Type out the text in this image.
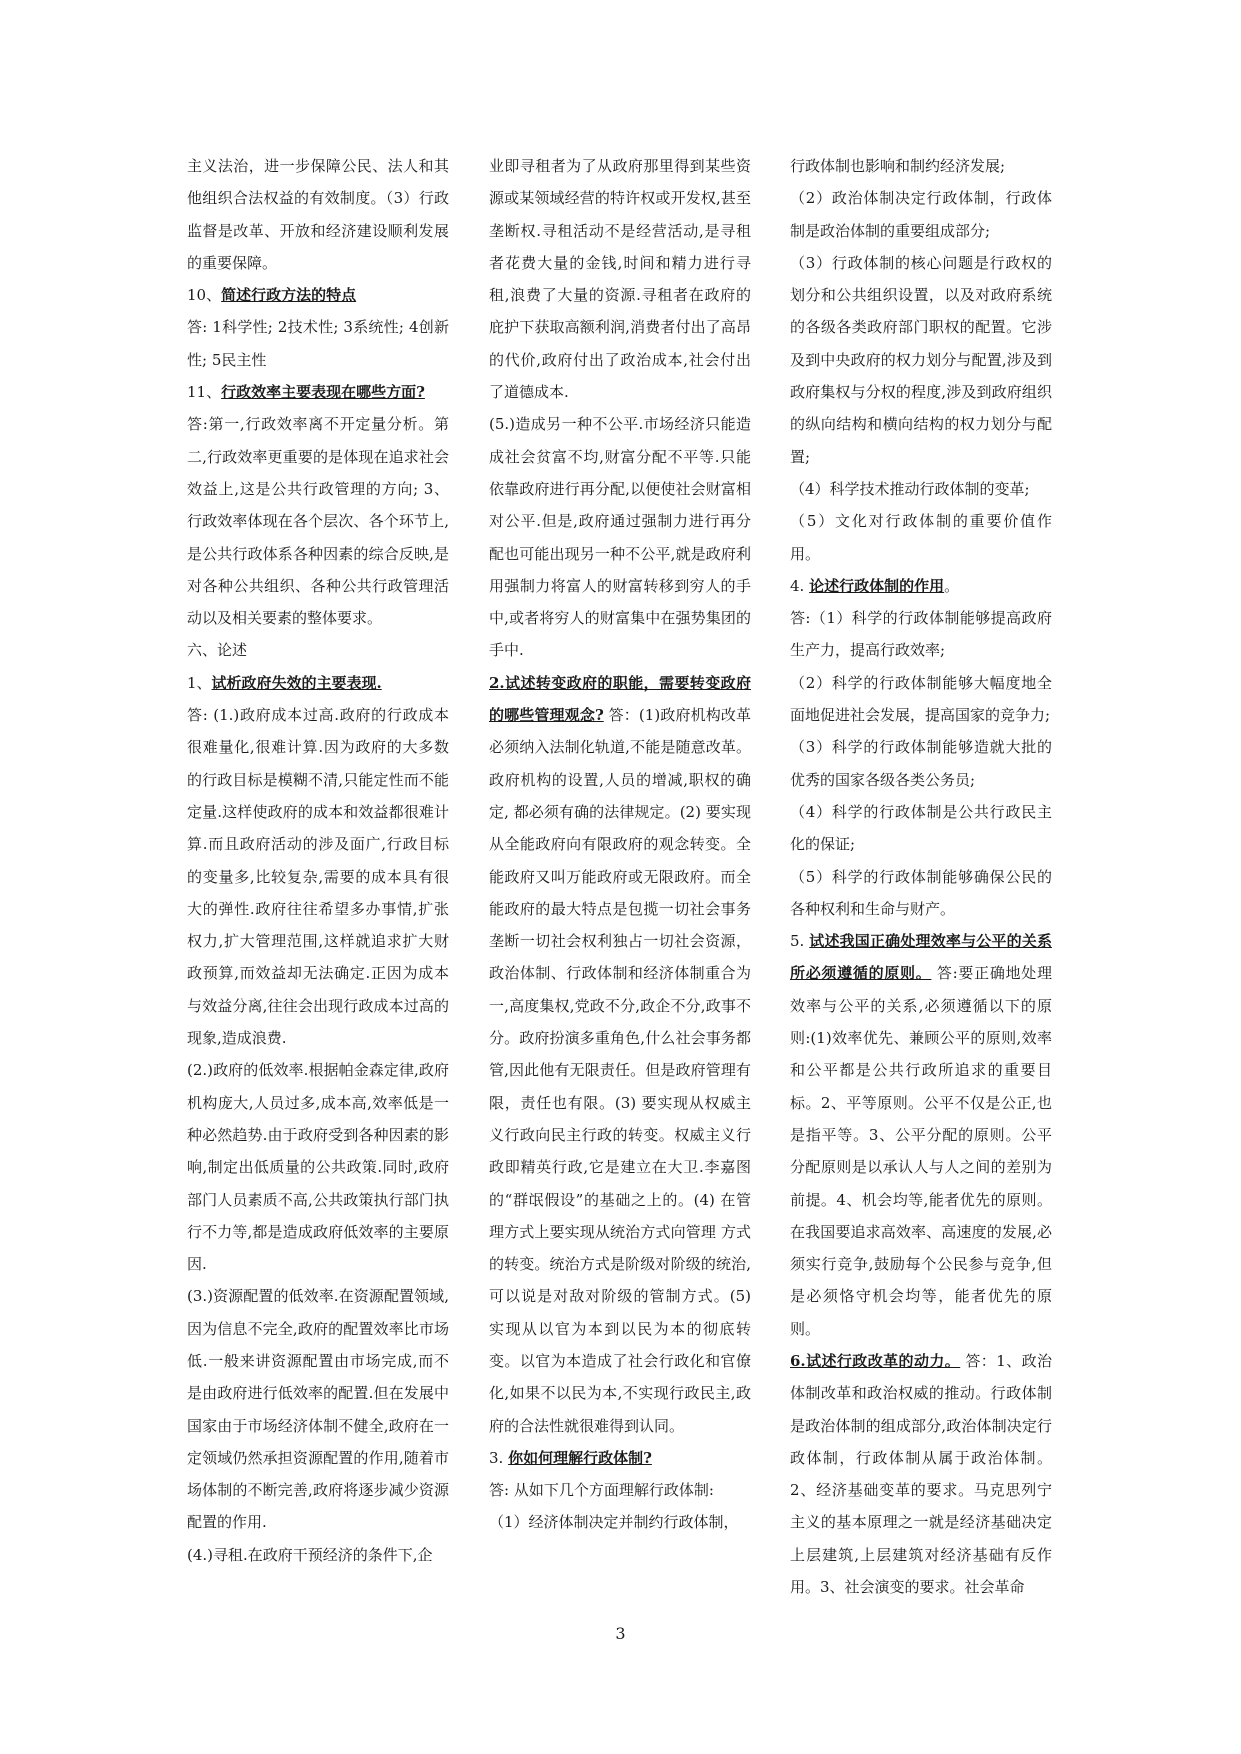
主义法治，进一步保障公民、法人和其他组织合法权益的有效制度。（3）行政监督是改革、开放和经济建设顺利发展的重要保障。

10、简述行政方法的特点

答: 1科学性; 2技术性; 3系统性; 4创新性; 5民主性

11、行政效率主要表现在哪些方面?

答:第一,行政效率离不开定量分析。第二,行政效率更重要的是体现在追求社会效益上,这是公共行政管理的方向; 3、行政效率体现在各个层次、各个环节上,是公共行政体系各种因素的综合反映,是对各种公共组织、各种公共行政管理活动以及相关要素的整体要求。

六、论述

1、试析政府失效的主要表现.

答: (1.)政府成本过高.政府的行政成本很难量化,很难计算.因为政府的大多数的行政目标是模糊不清,只能定性而不能定量.这样使政府的成本和效益都很难计算.而且政府活动的涉及面广,行政目标的变量多,比较复杂,需要的成本具有很大的弹性.政府往往希望多办事情,扩张权力,扩大管理范围,这样就追求扩大财政预算,而效益却无法确定.正因为成本与效益分离,往往会出现行政成本过高的现象,造成浪费.

(2.)政府的低效率.根据帕金森定律,政府机构庞大,人员过多,成本高,效率低是一种必然趋势.由于政府受到各种因素的影响,制定出低质量的公共政策.同时,政府部门人员素质不高,公共政策执行部门执行不力等,都是造成政府低效率的主要原因.

(3.)资源配置的低效率.在资源配置领域,因为信息不完全,政府的配置效率比市场低.一般来讲资源配置由市场完成,而不是由政府进行低效率的配置.但在发展中国家由于市场经济体制不健全,政府在一定领域仍然承担资源配置的作用,随着市场体制的不断完善,政府将逐步减少资源配置的作用.

(4.)寻租.在政府干预经济的条件下,企

业即寻租者为了从政府那里得到某些资源或某领域经营的特许权或开发权,甚至垄断权.寻租活动不是经营活动,是寻租者花费大量的金钱,时间和精力进行寻租,浪费了大量的资源.寻租者在政府的庇护下获取高额利润,消费者付出了高昂的代价,政府付出了政治成本,社会付出了道德成本.

(5.)造成另一种不公平.市场经济只能造成社会贫富不均,财富分配不平等.只能依靠政府进行再分配,以便使社会财富相对公平.但是,政府通过强制力进行再分配也可能出现另一种不公平,就是政府利用强制力将富人的财富转移到穷人的手中,或者将穷人的财富集中在强势集团的手中.

2.试述转变政府的职能，需要转变政府的哪些管理观念? 答：(1)政府机构改革必须纳入法制化轨道,不能是随意改革。政府机构的设置,人员的增减,职权的确定, 都必须有确的法律规定。(2) 要实现从全能政府向有限政府的观念转变。全能政府又叫万能政府或无限政府。而全能政府的最大特点是包揽一切社会事务垄断一切社会权利独占一切社会资源，政治体制、行政体制和经济体制重合为一,高度集权,党政不分,政企不分,政事不分。政府扮演多重角色,什么社会事务都管,因此他有无限责任。但是政府管理有限，责任也有限。(3) 要实现从权威主义行政向民主行政的转变。权威主义行政即精英行政,它是建立在大卫.李嘉图的“群氓假设”的基础之上的。(4) 在管理方式上要实现从统治方式向管理 方式的转变。统治方式是阶级对阶级的统治,可以说是对敌对阶级的管制方式。(5) 实现从以官为本到以民为本的彻底转变。以官为本造成了社会行政化和官僚化,如果不以民为本,不实现行政民主,政府的合法性就很难得到认同。

3. 你如何理解行政体制?

答: 从如下几个方面理解行政体制:

（1）经济体制决定并制约行政体制，

行政体制也影响和制约经济发展;

（2）政治体制决定行政体制，行政体制是政治体制的重要组成部分;

（3）行政体制的核心问题是行政权的划分和公共组织设置，以及对政府系统的各级各类政府部门职权的配置。它涉及到中央政府的权力划分与配置,涉及到政府集权与分权的程度,涉及到政府组织的纵向结构和横向结构的权力划分与配置;

（4）科学技术推动行政体制的变革;

（5）文化对行政体制的重要价值作用。

4. 论述行政体制的作用。

答:（1）科学的行政体制能够提高政府生产力，提高行政效率;

（2）科学的行政体制能够大幅度地全面地促进社会发展，提高国家的竞争力;

（3）科学的行政体制能够造就大批的优秀的国家各级各类公务员;

（4）科学的行政体制是公共行政民主化的保证;

（5）科学的行政体制能够确保公民的各种权利和生命与财产。

5. 试述我国正确处理效率与公平的关系所必须遵循的原则。 答:要正确地处理效率与公平的关系,必须遵循以下的原则:(1)效率优先、兼顾公平的原则,效率和公平都是公共行政所追求的重要目标。2、平等原则。公平不仅是公正,也是指平等。3、公平分配的原则。公平分配原则是以承认人与人之间的差别为前提。4、机会均等,能者优先的原则。在我国要追求高效率、高速度的发展,必须实行竞争,鼓励每个公民参与竞争,但是必须恪守机会均等，能者优先的原则。

6.试述行政改革的动力。 答：1、政治体制改革和政治权威的推动。行政体制是政治体制的组成部分,政治体制决定行政体制，行政体制从属于政治体制。2、经济基础变革的要求。马克思列宁主义的基本原理之一就是经济基础决定上层建筑,上层建筑对经济基础有反作用。3、社会演变的要求。社会革命

3
